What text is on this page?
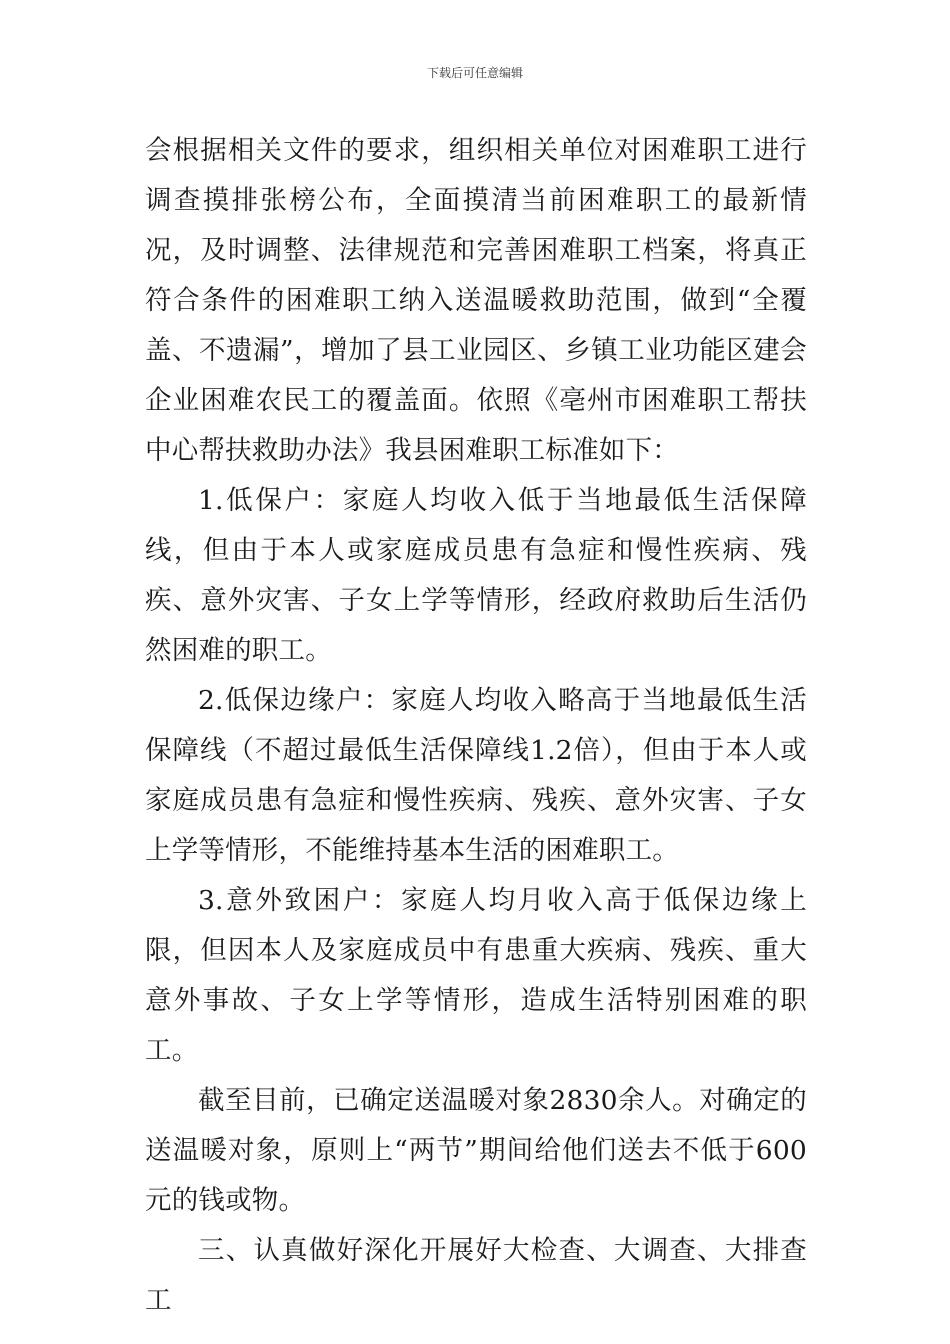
下载后可任意编辑

会根据相关文件的要求，组织相关单位对困难职工进行调查摸排张榜公布，全面摸清当前困难职工的最新情况，及时调整、法律规范和完善困难职工档案，将真正符合条件的困难职工纳入送温暖救助范围，做到“全覆盖、不遗漏”，增加了县工业园区、乡镇工业功能区建会企业困难农民工的覆盖面。依照《亳州市困难职工帮扶中心帮扶救助办法》我县困难职工标准如下：

1.低保户：家庭人均收入低于当地最低生活保障线，但由于本人或家庭成员患有急症和慢性疾病、残疾、意外灾害、子女上学等情形，经政府救助后生活仍然困难的职工。

2.低保边缘户：家庭人均收入略高于当地最低生活保障线（不超过最低生活保障线1.2倍），但由于本人或家庭成员患有急症和慢性疾病、残疾、意外灾害、子女上学等情形，不能维持基本生活的困难职工。

3.意外致困户：家庭人均月收入高于低保边缘上限，但因本人及家庭成员中有患重大疾病、残疾、重大意外事故、子女上学等情形，造成生活特别困难的职工。

截至目前，已确定送温暖对象2830余人。对确定的送温暖对象，原则上“两节”期间给他们送去不低于600元的钱或物。

三、认真做好深化开展好大检查、大调查、大排查工
